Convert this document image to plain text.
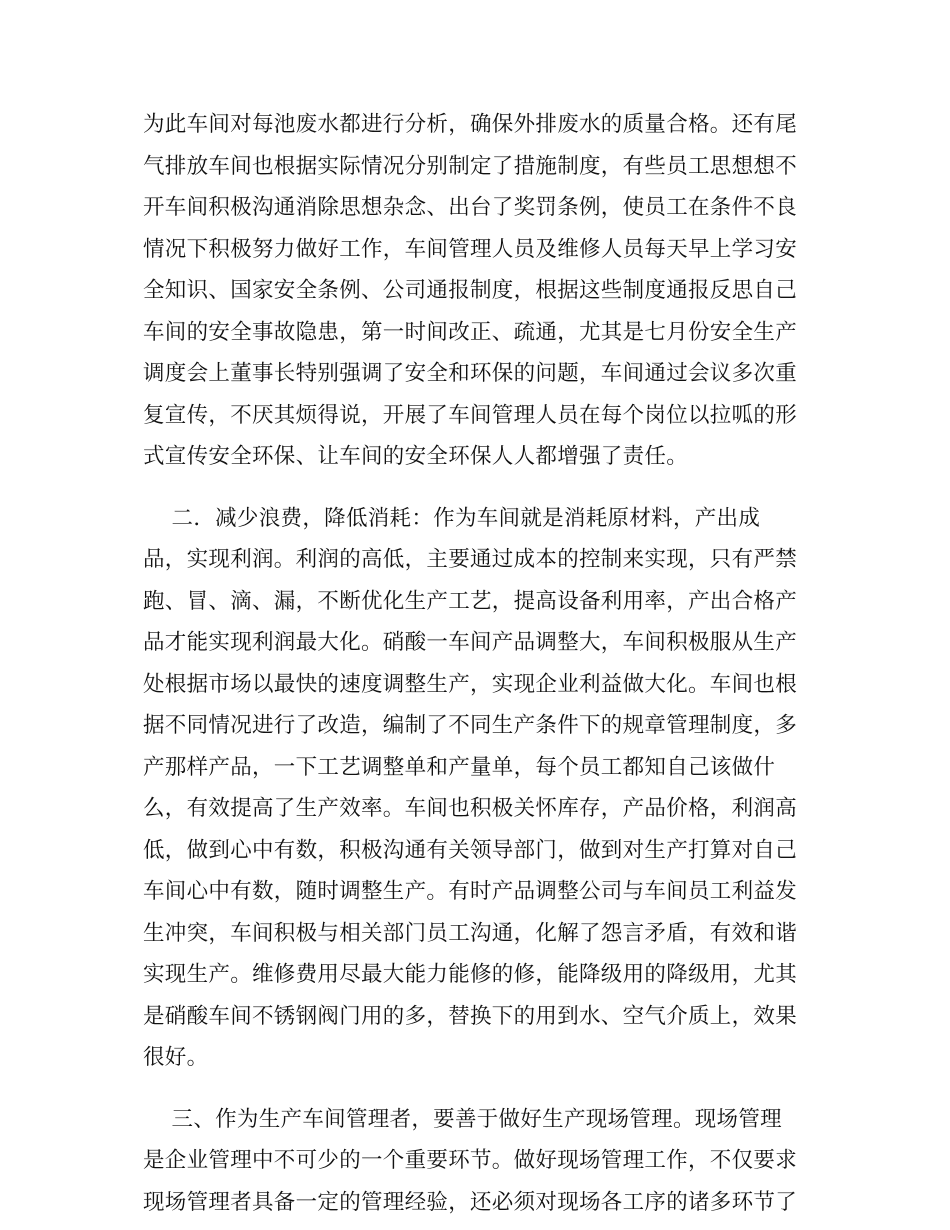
为此车间对每池废水都进行分析，确保外排废水的质量合格。还有尾
气排放车间也根据实际情况分别制定了措施制度，有些员工思想想不
开车间积极沟通消除思想杂念、出台了奖罚条例，使员工在条件不良
情况下积极努力做好工作，车间管理人员及维修人员每天早上学习安
全知识、国家安全条例、公司通报制度，根据这些制度通报反思自己
车间的安全事故隐患，第一时间改正、疏通，尤其是七月份安全生产
调度会上董事长特别强调了安全和环保的问题，车间通过会议多次重
复宣传，不厌其烦得说，开展了车间管理人员在每个岗位以拉呱的形
式宣传安全环保、让车间的安全环保人人都增强了责任。
二．减少浪费，降低消耗：作为车间就是消耗原材料，产出成
品，实现利润。利润的高低，主要通过成本的控制来实现，只有严禁
跑、冒、滴、漏，不断优化生产工艺，提高设备利用率，产出合格产
品才能实现利润最大化。硝酸一车间产品调整大，车间积极服从生产
处根据市场以最快的速度调整生产，实现企业利益做大化。车间也根
据不同情况进行了改造，编制了不同生产条件下的规章管理制度，多
产那样产品，一下工艺调整单和产量单，每个员工都知自己该做什
么，有效提高了生产效率。车间也积极关怀库存，产品价格，利润高
低，做到心中有数，积极沟通有关领导部门，做到对生产打算对自己
车间心中有数，随时调整生产。有时产品调整公司与车间员工利益发
生冲突，车间积极与相关部门员工沟通，化解了怨言矛盾，有效和谐
实现生产。维修费用尽最大能力能修的修，能降级用的降级用，尤其
是硝酸车间不锈钢阀门用的多，替换下的用到水、空气介质上，效果
很好。
三、作为生产车间管理者，要善于做好生产现场管理。现场管理
是企业管理中不可少的一个重要环节。做好现场管理工作，不仅要求
现场管理者具备一定的管理经验，还必须对现场各工序的诸多环节了
